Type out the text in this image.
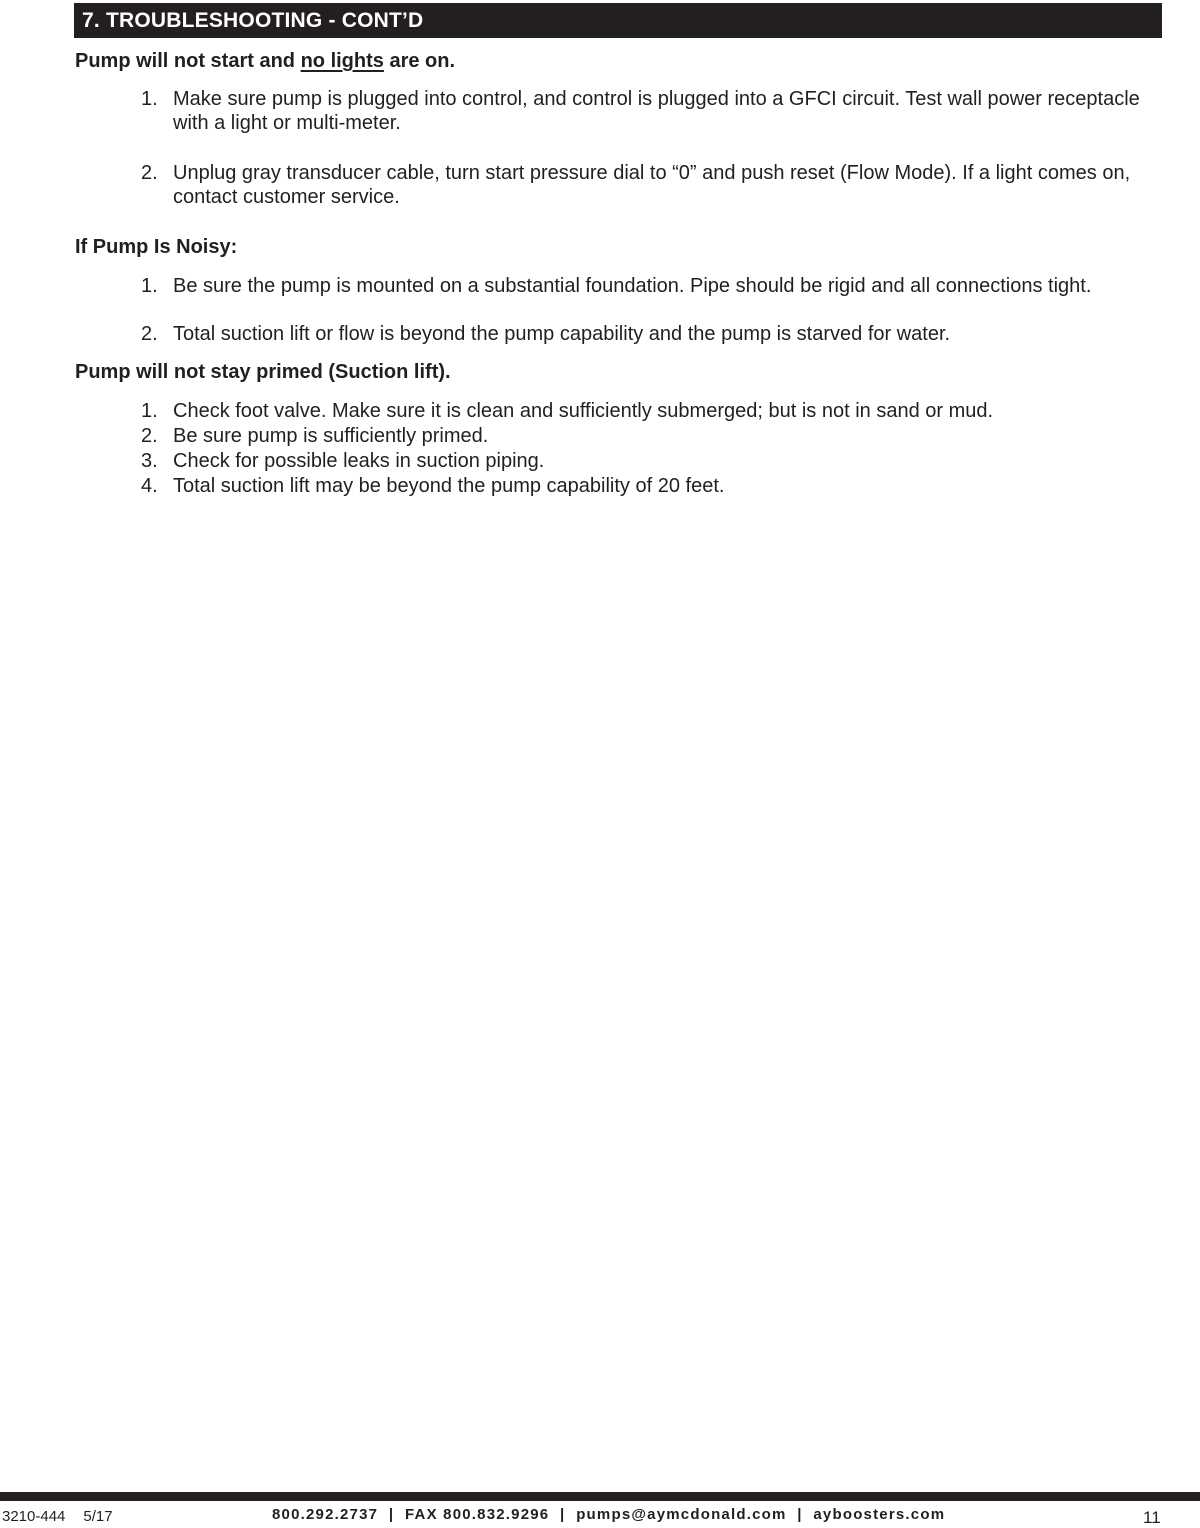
7. TROUBLESHOOTING - CONT’D
Pump will not start and no lights are on.
1. Make sure pump is plugged into control, and control is plugged into a GFCI circuit. Test wall power receptacle with a light or multi-meter.
2. Unplug gray transducer cable, turn start pressure dial to “0” and push reset (Flow Mode). If a light comes on, contact customer service.
If Pump Is Noisy:
1. Be sure the pump is mounted on a substantial foundation. Pipe should be rigid and all connections tight.
2. Total suction lift or flow is beyond the pump capability and the pump is starved for water.
Pump will not stay primed (Suction lift).
1. Check foot valve. Make sure it is clean and sufficiently submerged; but is not in sand or mud.
2. Be sure pump is sufficiently primed.
3. Check for possible leaks in suction piping.
4. Total suction lift may be beyond the pump capability of 20 feet.
3210-444 5/17	800.292.2737  |  FAX 800.832.9296  |  pumps@aymcdonald.com  |  ayboosters.com	11
